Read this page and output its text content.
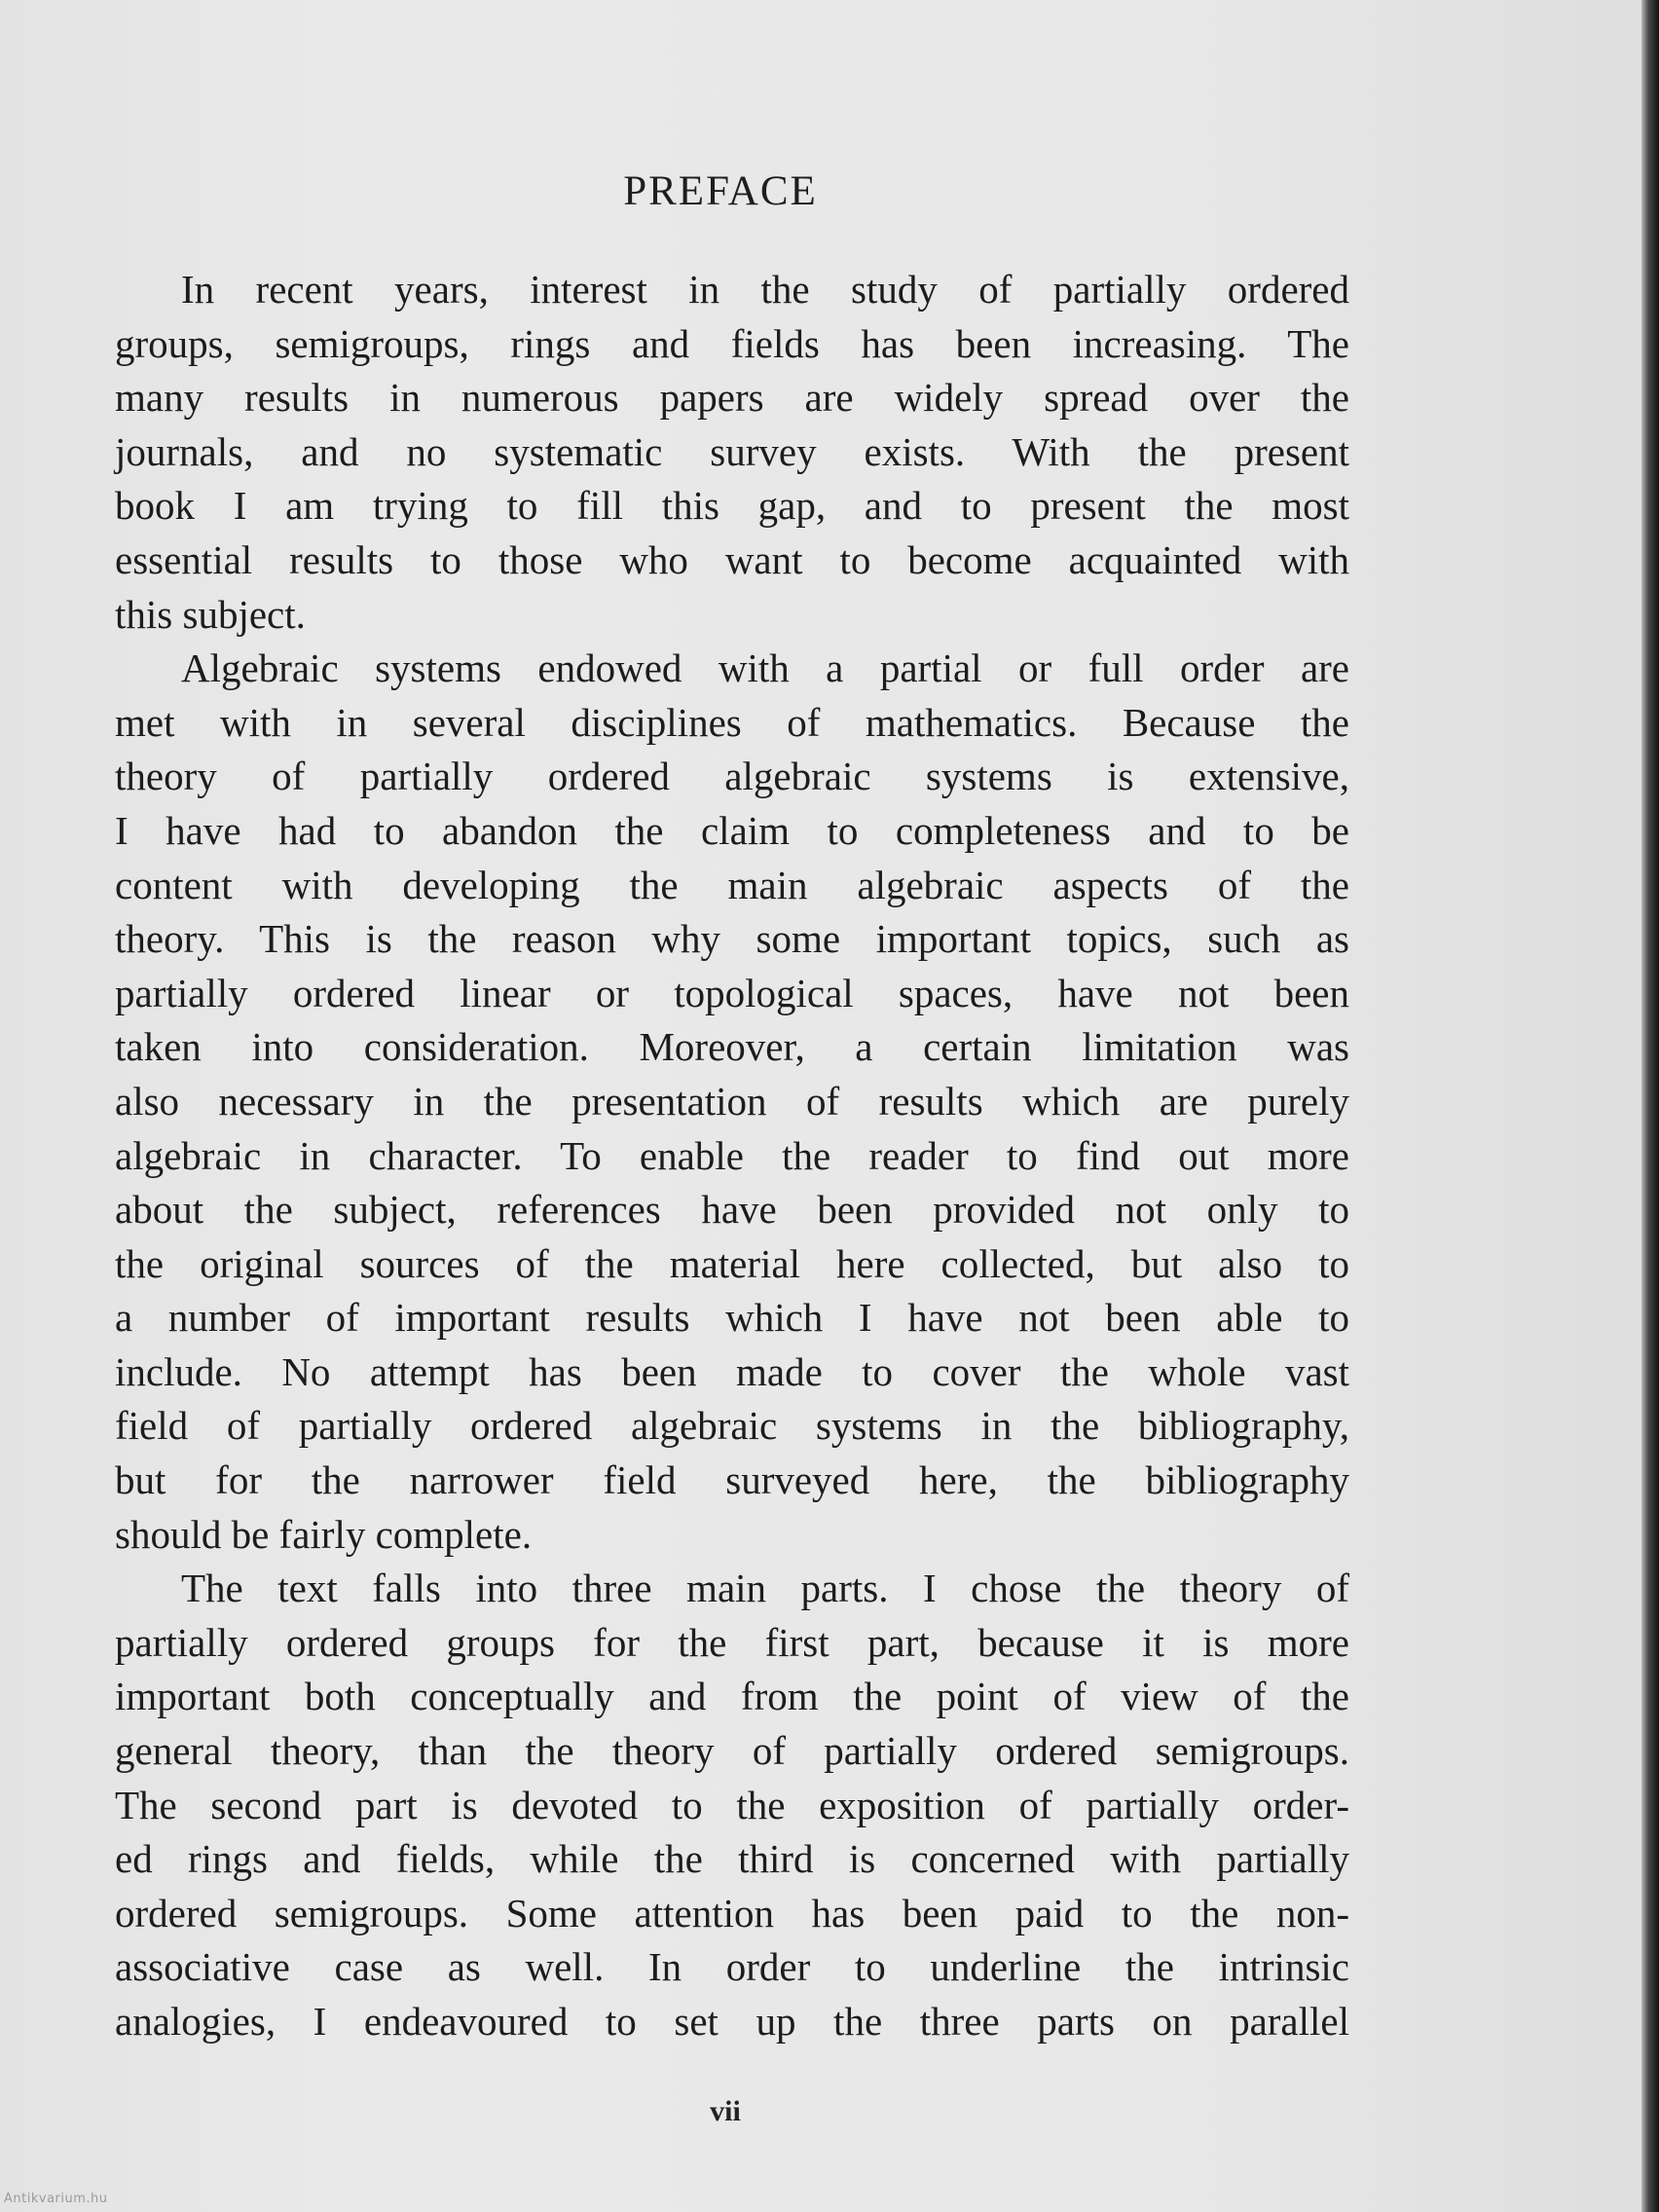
PREFACE

In recent years, interest in the study of partially ordered
groups, semigroups, rings and fields has been increasing. The
many results in numerous papers are widely spread over the
journals, and no systematic survey exists. With the present
book I am trying to fill this gap, and to present the most
essential results to those who want to become acquainted with
this subject.

Algebraic systems endowed with a partial or full order are
met with in several disciplines of mathematics. Because the
theory of partially ordered algebraic systems is extensive,
I have had to abandon the claim to completeness and to be
content with developing the main algebraic aspects of the
theory. This is the reason why some important topics, such as
partially ordered linear or topological spaces, have not been
taken into consideration. Moreover, a certain limitation was
also necessary in the presentation of results which are purely
algebraic in character. To enable the reader to find out more
about the subject, references have been provided not only to
the original sources of the material here collected, but also to
a number of important results which I have not been able to
include. No attempt has been made to cover the whole vast
field of partially ordered algebraic systems in the bibliography,
but for the narrower field surveyed here, the bibliography
should be fairly complete.

The text falls into three main parts. I chose the theory of
partially ordered groups for the first part, because it is more
important both conceptually and from the point of view of the
general theory, than the theory of partially ordered semigroups.
The second part is devoted to the exposition of partially order-
ed rings and fields, while the third is concerned with partially
ordered semigroups. Some attention has been paid to the non-
associative case as well. In order to underline the intrinsic
analogies, I endeavoured to set up the three parts on parallel

vii
Antikvarium.hu
